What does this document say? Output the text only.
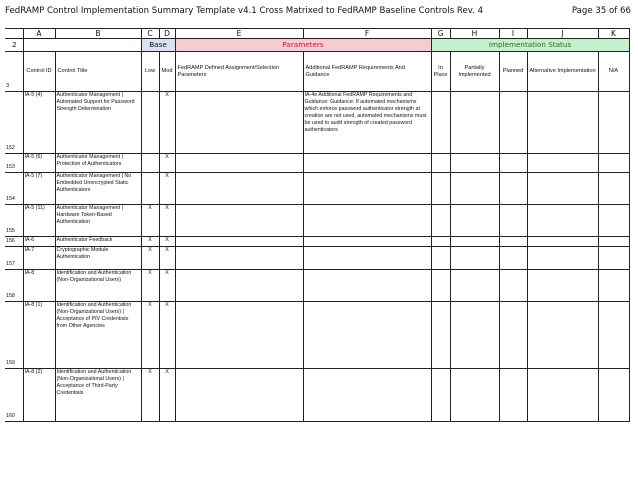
FedRAMP Control Implementation Summary Template v4.1 Cross Matrixed to FedRAMP Baseline Controls Rev. 4	Page 35 of 66
	A	B	C	D	E	F	G	H	I	J	K
2			Base		Parameters		Implementation Status				
3	Control ID	Control Title	Low	Mod	FedRAMP Defined Assignment/Selection Parameters	Additional FedRAMP Requirements And Guidance	In Place	Partially Implemented	Planned	Alternative Implementation	N/A
152	IA-5 (4)	Authenticator Management | Automated Support for Password Strength Determination		X		IA-4e Additional FedRAMP Requirements and Guidance: Guidance: If automated mechanisms which enforce password authenticator strength at creation are not used, automated mechanisms must be used to audit strength of created password authenticators					
153	IA-5 (6)	Authenticator Management | Protection of Authenticators		X							
154	IA-5 (7)	Authenticator Management | No Embedded Unencrypted Static Authenticators		X							
155	IA-5 (11)	Authenticator Management | Hardware Token-Based Authentication	X	X							
156	IA-6	Authenticator Feedback	X	X							
157	IA-7	Cryptographic Module Authentication	X	X							
158	IA-8	Identification and Authentication (Non-Organizational Users)	X	X							
159	IA-8 (1)	Identification and Authentication (Non-Organizational Users) | Acceptance of PIV Credentials from Other Agencies	X	X							
160	IA-8 (2)	Identification and Authentication (Non-Organizational Users) | Acceptance of Third-Party Credentials	X	X							
